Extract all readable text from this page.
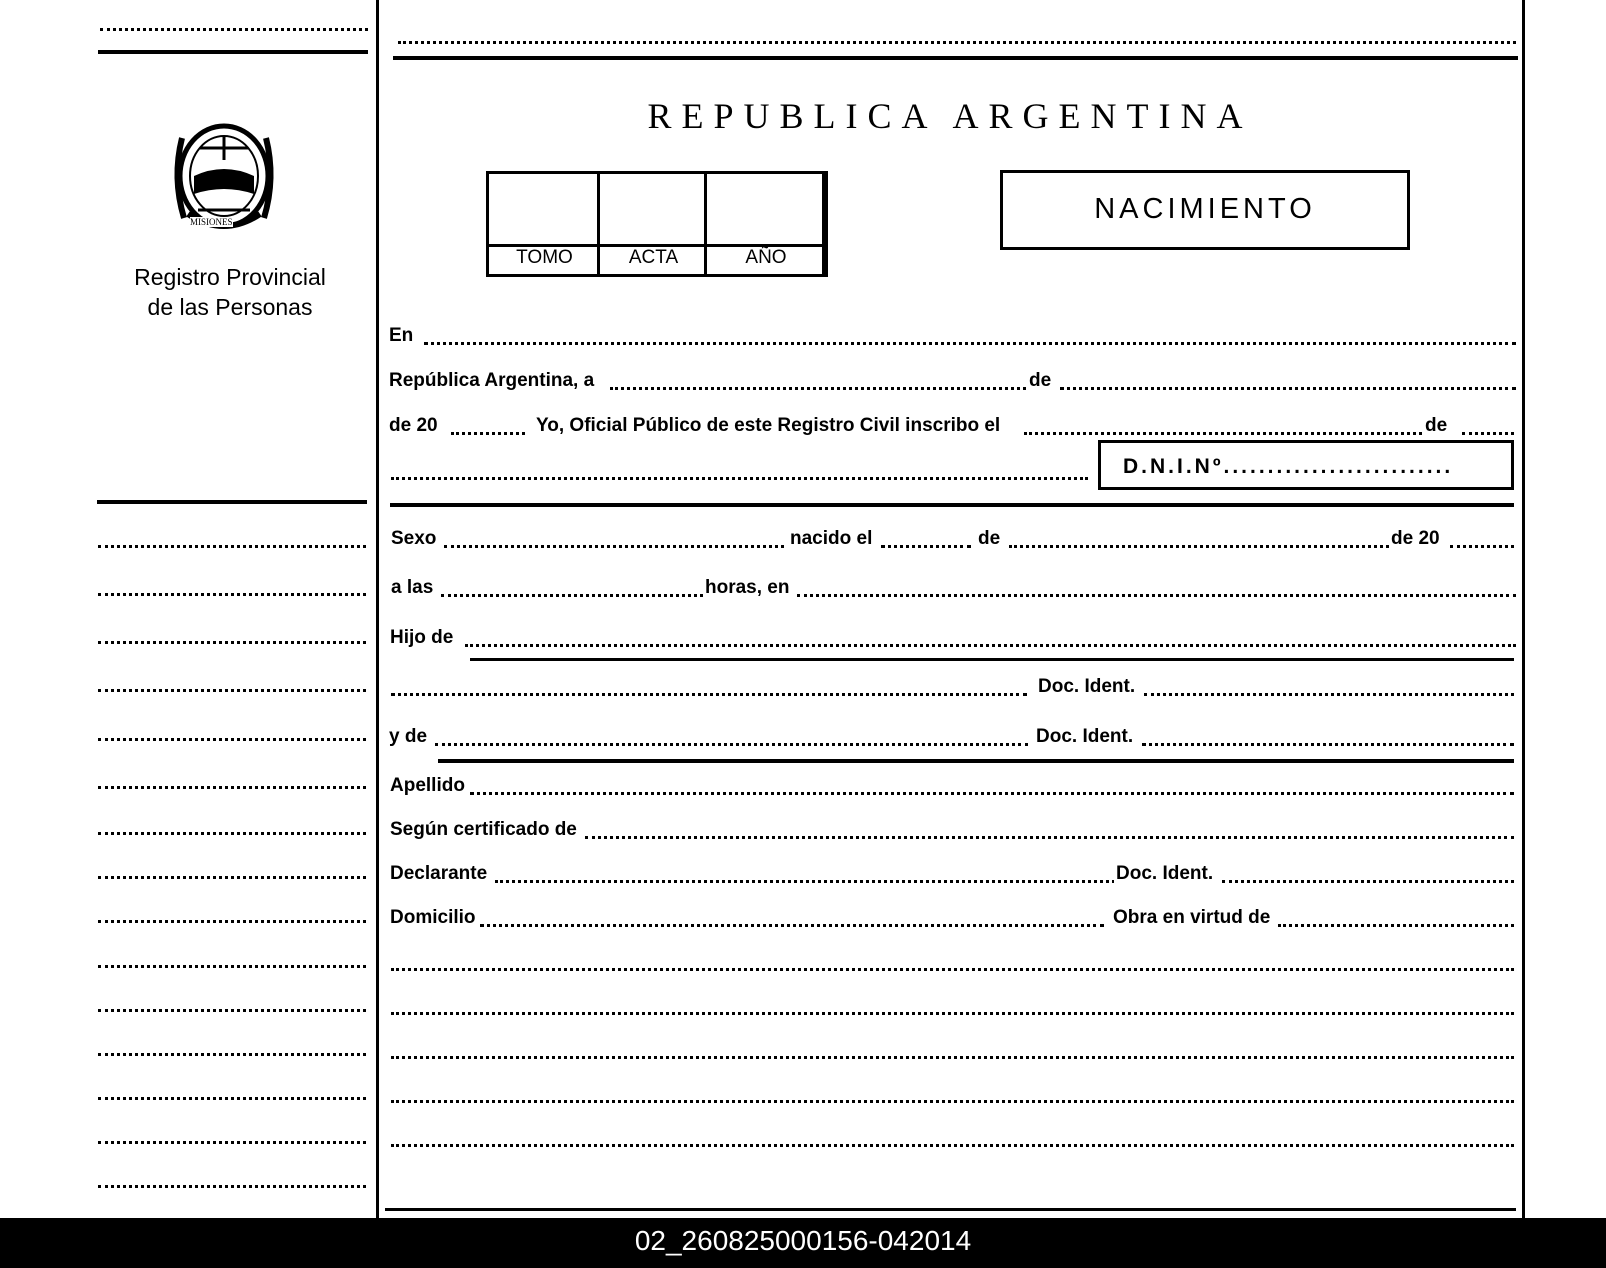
MISIONES
Registro Provincial
de las Personas
REPUBLICA ARGENTINA
TOMO	ACTA	AÑO
NACIMIENTO
En
República Argentina, a	de
de 20	Yo, Oficial Público de este Registro Civil inscribo el	de
D.N.I.Nº..........................
Sexo	nacido el	de	de 20
a las	horas, en
Hijo de
Doc. Ident.
y de	Doc. Ident.
Apellido
Según certificado de
Declarante	Doc. Ident.
Domicilio	Obra en virtud de
02_260825000156-042014
